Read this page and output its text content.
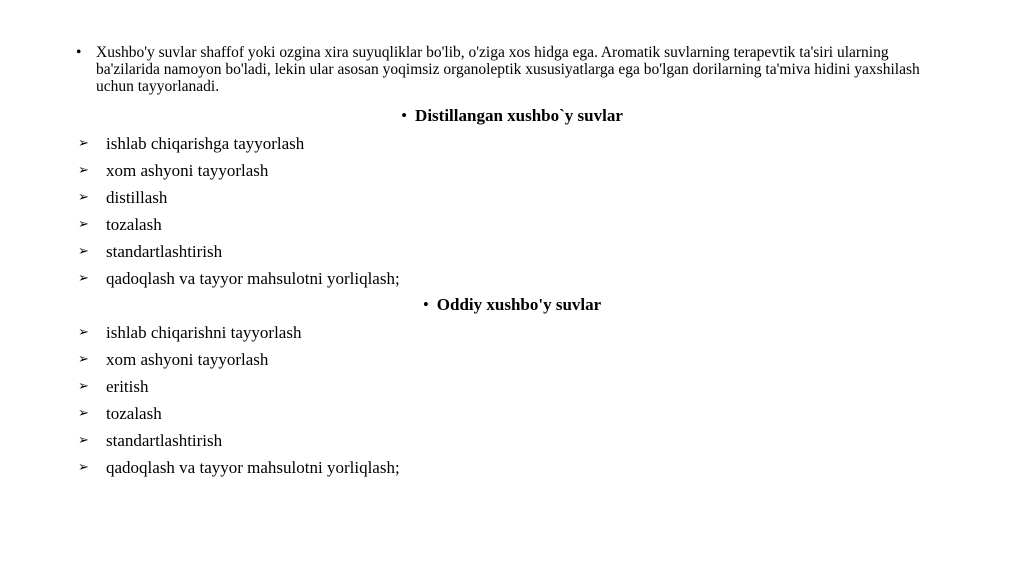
• Xushbo'y suvlar shaffof yoki ozgina xira suyuqliklar bo'lib, o'ziga xos hidga ega. Aromatik suvlarning terapevtik ta'siri ularning ba'zilarida namoyon bo'ladi, lekin ular asosan yoqimsiz organoleptik xususiyatlarga ega bo'lgan dorilarning ta'miva hidini yaxshilash uchun tayyorlanadi.
• Distillangan xushbo`y suvlar
➢	ishlab chiqarishga tayyorlash
➢	xom ashyoni tayyorlash
➢	distillash
➢	tozalash
➢	standartlashtirish
➢	qadoqlash va tayyor mahsulotni yorliqlash;
• Oddiy xushbo'y suvlar
➢	ishlab chiqarishni tayyorlash
➢	xom ashyoni tayyorlash
➢	eritish
➢	tozalash
➢	standartlashtirish
➢	qadoqlash va tayyor mahsulotni yorliqlash;
